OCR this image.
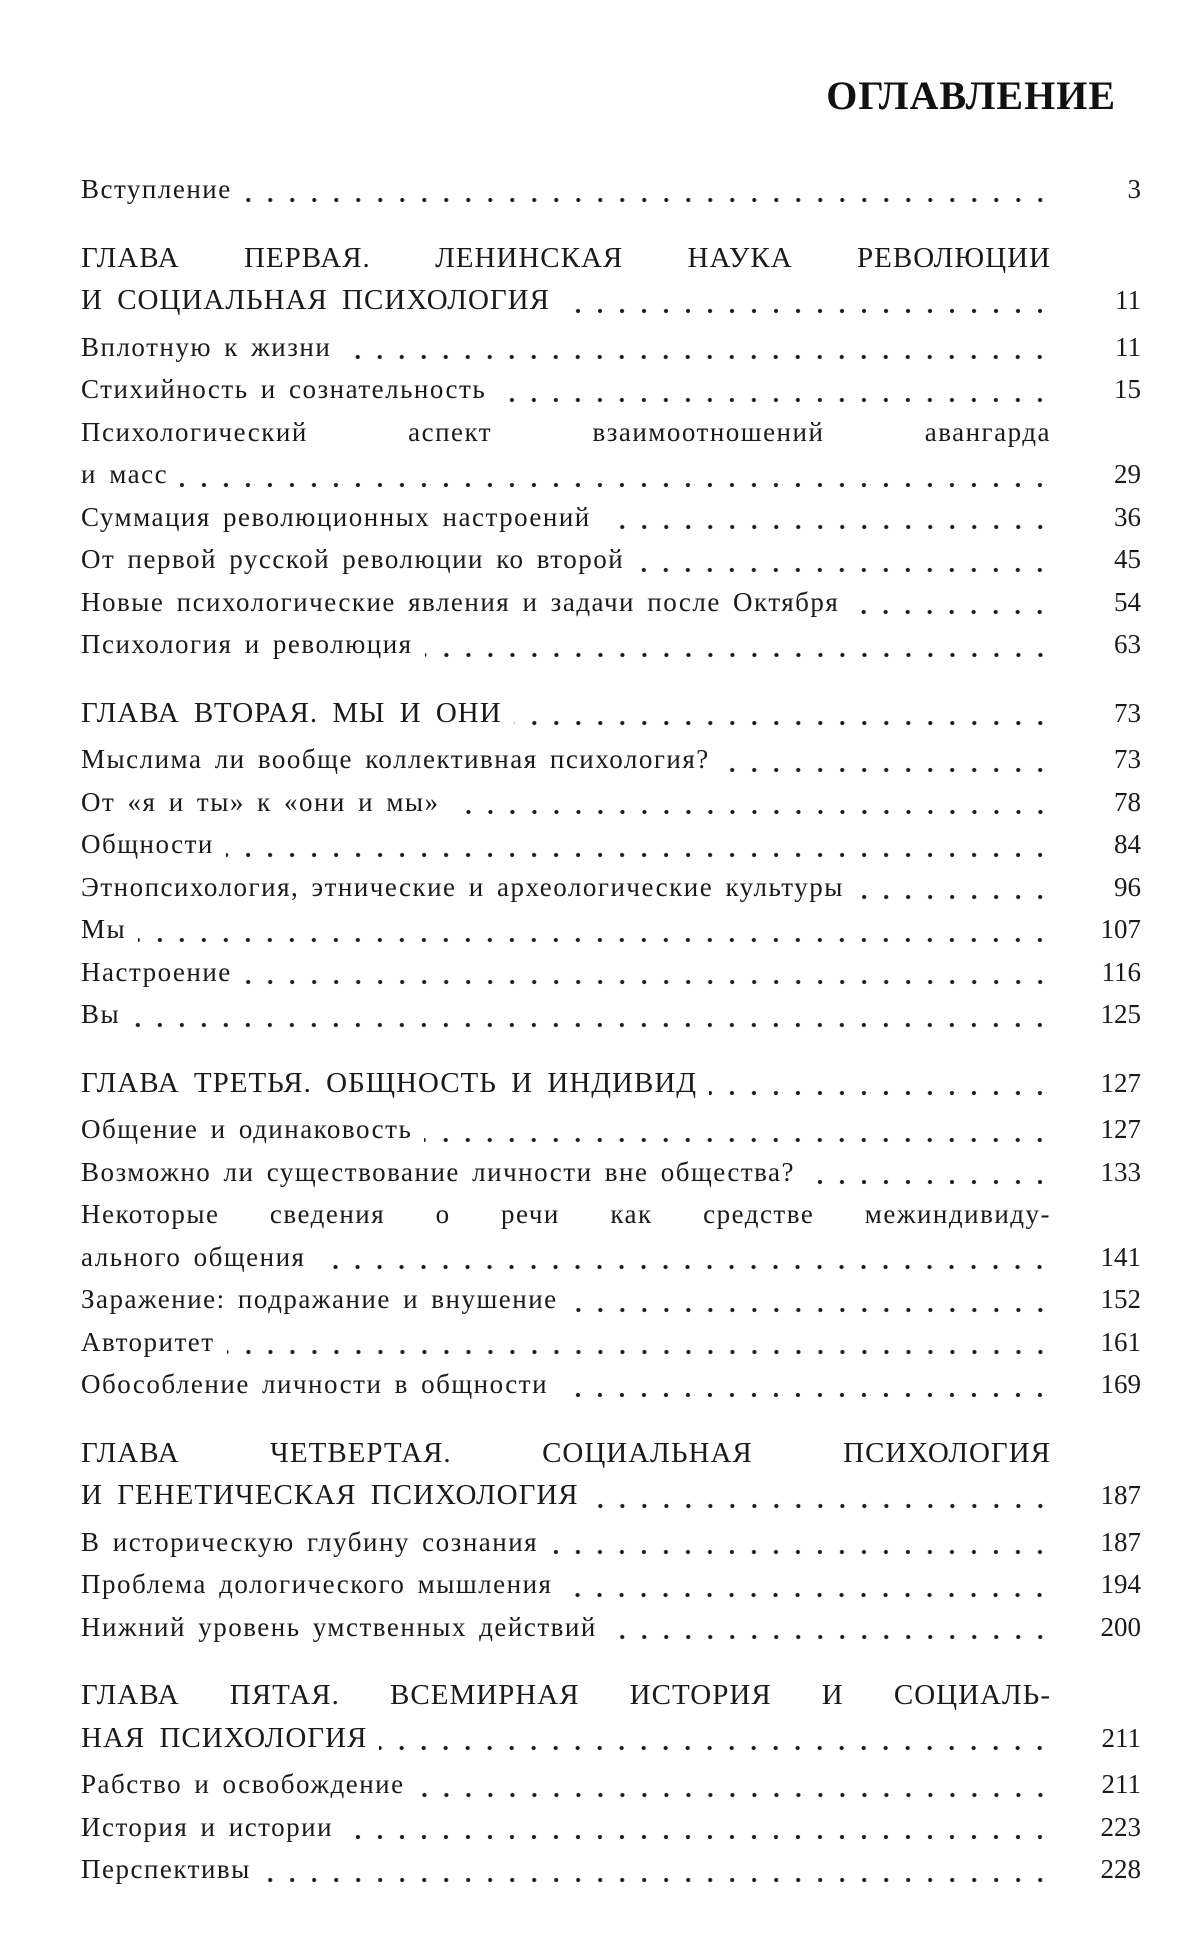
ОГЛАВЛЕНИЕ
Вступление	3
ГЛАВА ПЕРВАЯ. ЛЕНИНСКАЯ НАУКА РЕВОЛЮЦИИ
И СОЦИАЛЬНАЯ ПСИХОЛОГИЯ	11
Вплотную к жизни	11
Стихийность и сознательность	15
Психологический аспект взаимоотношений авангарда
и масс	29
Суммация революционных настроений	36
От первой русской революции ко второй	45
Новые психологические явления и задачи после Октября	54
Психология и революция	63
ГЛАВА ВТОРАЯ. МЫ И ОНИ	73
Мыслима ли вообще коллективная психология?	73
От «я и ты» к «они и мы»	78
Общности	84
Этнопсихология, этнические и археологические культуры	96
Мы	107
Настроение	116
Вы	125
ГЛАВА ТРЕТЬЯ. ОБЩНОСТЬ И ИНДИВИД	127
Общение и одинаковость	127
Возможно ли существование личности вне общества?	133
Некоторые сведения о речи как средстве межиндивиду-
ального общения	141
Заражение: подражание и внушение	152
Авторитет	161
Обособление личности в общности	169
ГЛАВА ЧЕТВЕРТАЯ. СОЦИАЛЬНАЯ ПСИХОЛОГИЯ
И ГЕНЕТИЧЕСКАЯ ПСИХОЛОГИЯ	187
В историческую глубину сознания	187
Проблема дологического мышления	194
Нижний уровень умственных действий	200
ГЛАВА ПЯТАЯ. ВСЕМИРНАЯ ИСТОРИЯ И СОЦИАЛЬ-
НАЯ ПСИХОЛОГИЯ	211
Рабство и освобождение	211
История и истории	223
Перспективы	228
